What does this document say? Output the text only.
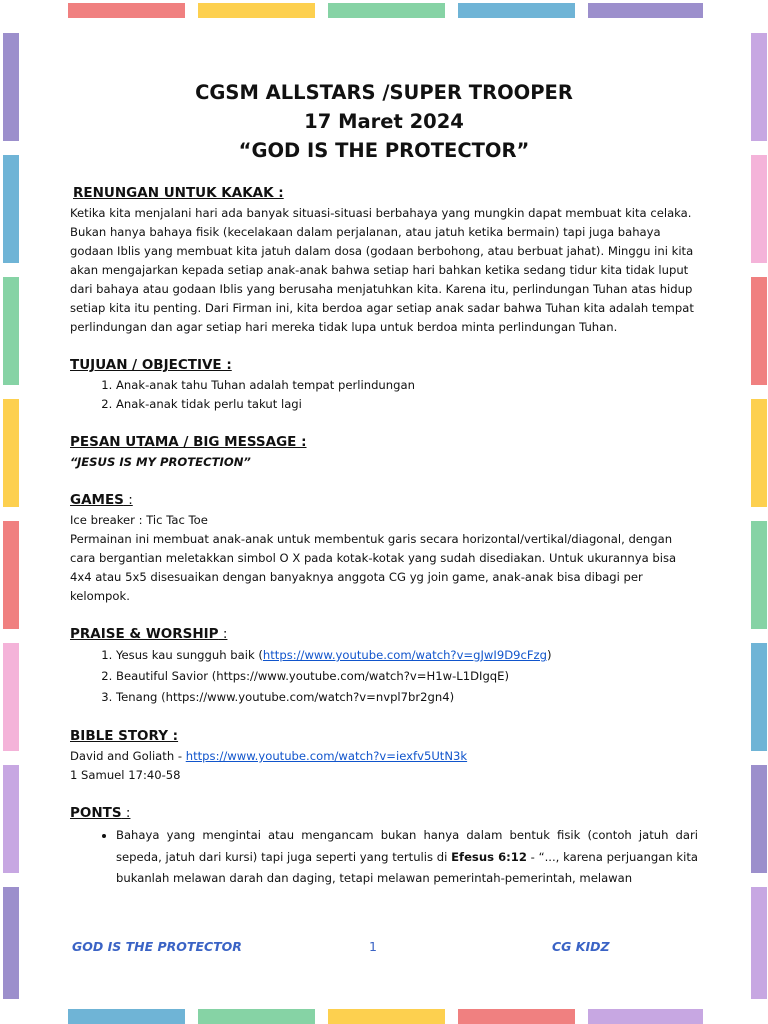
CGSM ALLSTARS /SUPER TROOPER
17 Maret 2024
“GOD IS THE PROTECTOR”
RENUNGAN UNTUK KAKAK :

Ketika kita menjalani hari ada banyak situasi-situasi berbahaya yang mungkin dapat membuat kita celaka. Bukan hanya bahaya fisik (kecelakaan dalam perjalanan, atau jatuh ketika bermain) tapi juga bahaya godaan Iblis yang membuat kita jatuh dalam dosa (godaan berbohong, atau berbuat jahat). Minggu ini kita akan mengajarkan kepada setiap anak-anak bahwa setiap hari bahkan ketika sedang tidur kita tidak luput dari bahaya atau godaan Iblis yang berusaha menjatuhkan kita. Karena itu, perlindungan Tuhan atas hidup setiap kita itu penting. Dari Firman ini, kita berdoa agar setiap anak sadar bahwa Tuhan kita adalah tempat perlindungan dan agar setiap hari mereka tidak lupa untuk berdoa minta perlindungan Tuhan.

TUJUAN / OBJECTIVE :
1. Anak-anak tahu Tuhan adalah tempat perlindungan
2. Anak-anak tidak perlu takut lagi
PESAN UTAMA / BIG MESSAGE :

“JESUS IS MY PROTECTION”

GAMES :

Ice breaker : Tic Tac Toe

Permainan ini membuat anak-anak untuk membentuk garis secara horizontal/vertikal/diagonal, dengan cara bergantian meletakkan simbol O X pada kotak-kotak yang sudah disediakan. Untuk ukurannya bisa 4x4 atau 5x5 disesuaikan dengan banyaknya anggota CG yg join game, anak-anak bisa dibagi per kelompok.

PRAISE & WORSHIP :
1. Yesus kau sungguh baik (https://www.youtube.com/watch?v=gJwI9D9cFzg)
2. Beautiful Savior (https://www.youtube.com/watch?v=H1w-L1DIgqE)
3. Tenang (https://www.youtube.com/watch?v=nvpl7br2gn4)
BIBLE STORY :

David and Goliath - https://www.youtube.com/watch?v=iexfv5UtN3k

1 Samuel 17:40-58

PONTS :
• Bahaya yang mengintai atau mengancam bukan hanya dalam bentuk fisik (contoh jatuh dari sepeda, jatuh dari kursi) tapi juga seperti yang tertulis di Efesus 6:12 - “..., karena perjuangan kita bukanlah melawan darah dan daging, tetapi melawan pemerintah-pemerintah, melawan
GOD IS THE PROTECTOR	1	CG KIDZ
